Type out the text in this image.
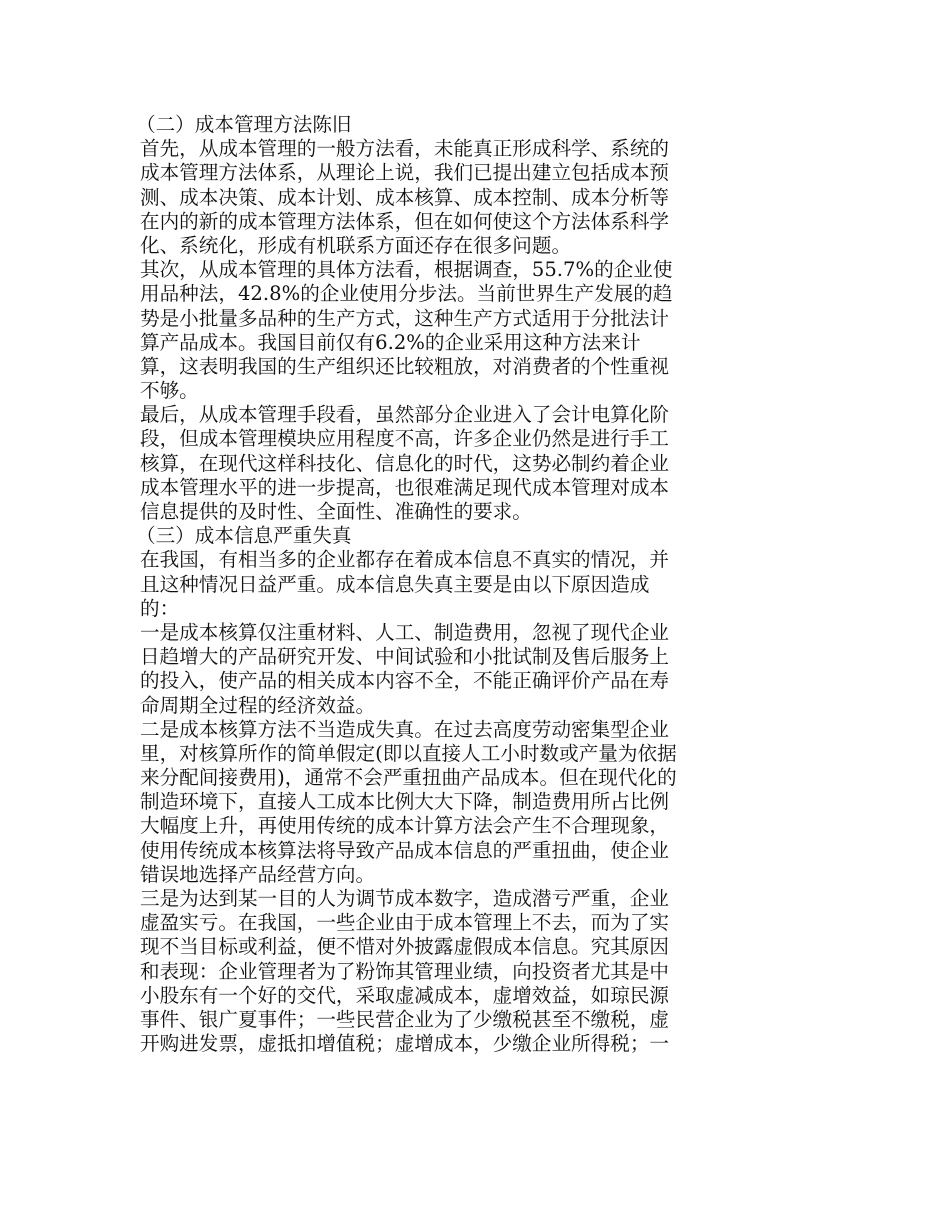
（二）成本管理方法陈旧
首先，从成本管理的一般方法看，未能真正形成科学、系统的
成本管理方法体系，从理论上说，我们已提出建立包括成本预
测、成本决策、成本计划、成本核算、成本控制、成本分析等
在内的新的成本管理方法体系，但在如何使这个方法体系科学
化、系统化，形成有机联系方面还存在很多问题。
其次，从成本管理的具体方法看，根据调查，55.7%的企业使
用品种法，42.8%的企业使用分步法。当前世界生产发展的趋
势是小批量多品种的生产方式，这种生产方式适用于分批法计
算产品成本。我国目前仅有6.2%的企业采用这种方法来计
算，这表明我国的生产组织还比较粗放，对消费者的个性重视
不够。
最后，从成本管理手段看，虽然部分企业进入了会计电算化阶
段，但成本管理模块应用程度不高，许多企业仍然是进行手工
核算，在现代这样科技化、信息化的时代，这势必制约着企业
成本管理水平的进一步提高，也很难满足现代成本管理对成本
信息提供的及时性、全面性、准确性的要求。
（三）成本信息严重失真
在我国，有相当多的企业都存在着成本信息不真实的情况，并
且这种情况日益严重。成本信息失真主要是由以下原因造成
的：
一是成本核算仅注重材料、人工、制造费用，忽视了现代企业
日趋增大的产品研究开发、中间试验和小批试制及售后服务上
的投入，使产品的相关成本内容不全，不能正确评价产品在寿
命周期全过程的经济效益。
二是成本核算方法不当造成失真。在过去高度劳动密集型企业
里，对核算所作的简单假定(即以直接人工小时数或产量为依据
来分配间接费用)，通常不会严重扭曲产品成本。但在现代化的
制造环境下，直接人工成本比例大大下降，制造费用所占比例
大幅度上升，再使用传统的成本计算方法会产生不合理现象，
使用传统成本核算法将导致产品成本信息的严重扭曲，使企业
错误地选择产品经营方向。
三是为达到某一目的人为调节成本数字，造成潜亏严重，企业
虚盈实亏。在我国，一些企业由于成本管理上不去，而为了实
现不当目标或利益，便不惜对外披露虚假成本信息。究其原因
和表现：企业管理者为了粉饰其管理业绩，向投资者尤其是中
小股东有一个好的交代，采取虚减成本，虚增效益，如琼民源
事件、银广夏事件；一些民营企业为了少缴税甚至不缴税，虚
开购进发票，虚抵扣增值税；虚增成本，少缴企业所得税；一
